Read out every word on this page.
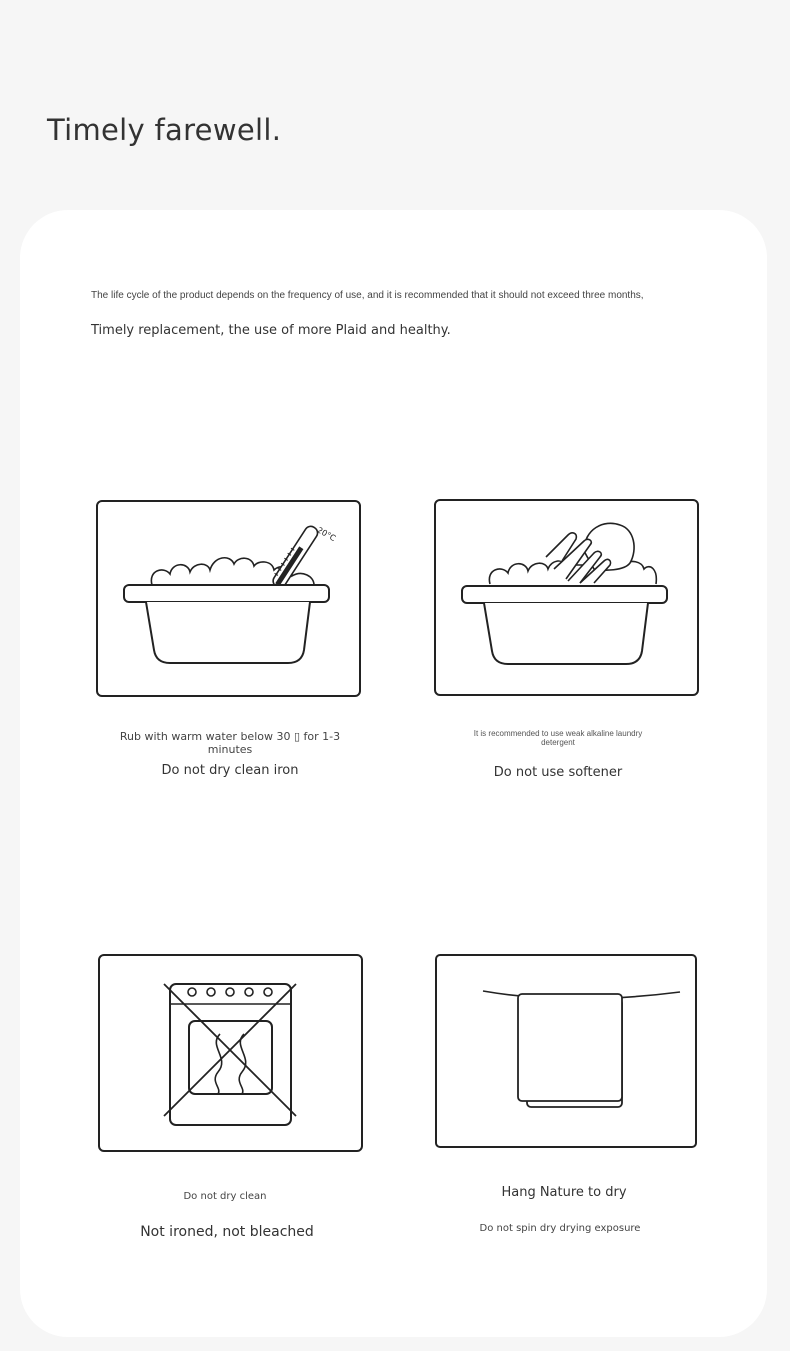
Timely farewell.
The life cycle of the product depends on the frequency of use, and it is recommended that it should not exceed three months,
Timely replacement, the use of more Plaid and healthy.
20°C
Rub with warm water below 30 ▯ for 1-3 minutes
Do not dry clean iron
It is recommended to use weak alkaline laundry detergent
Do not use softener
Do not dry clean
Not ironed, not bleached
Hang Nature to dry
Do not spin dry drying exposure
